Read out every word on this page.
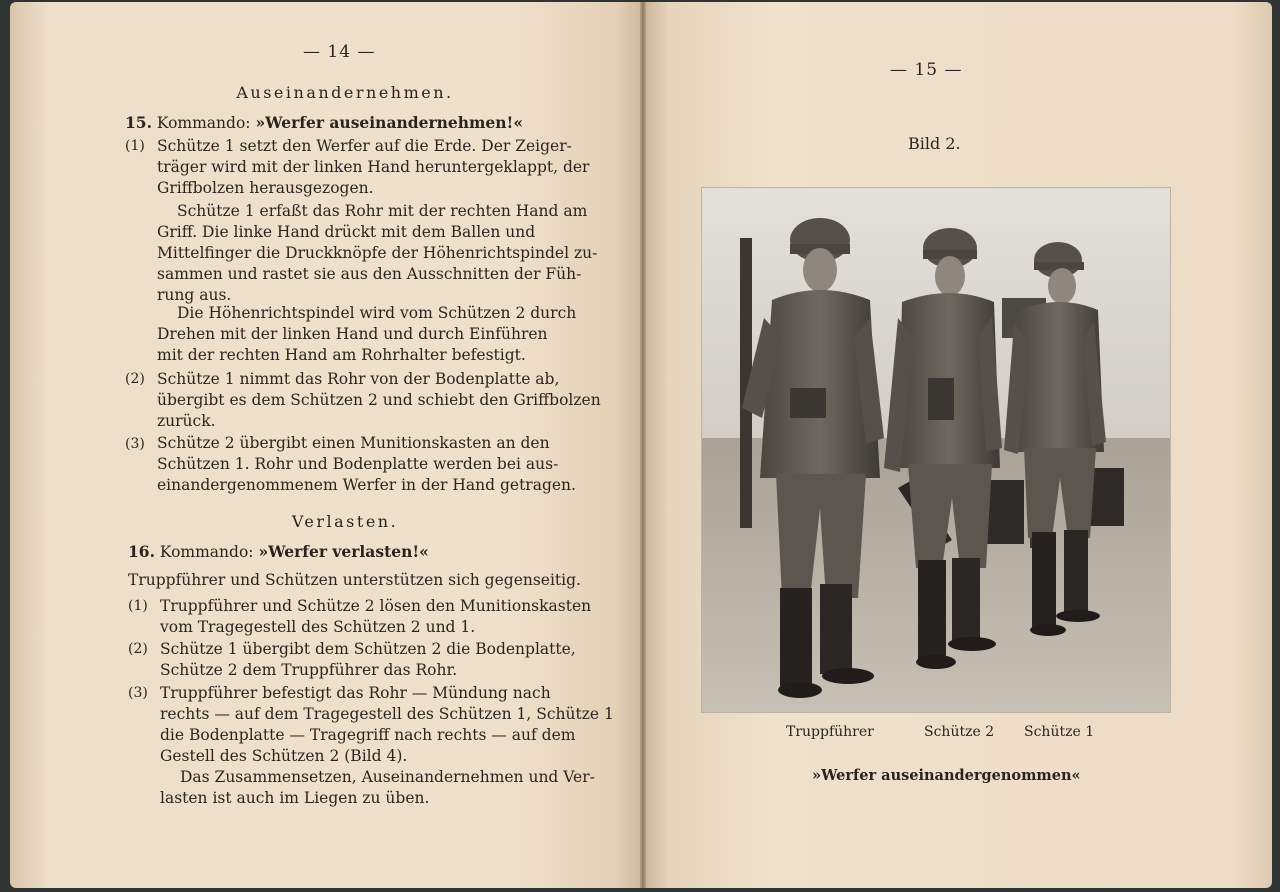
— 14 —
Auseinandernehmen.
15. Kommando: »Werfer auseinandernehmen!«
(1) Schütze 1 setzt den Werfer auf die Erde. Der Zeiger-
träger wird mit der linken Hand heruntergeklappt, der
Griffbolzen herausgezogen.
Schütze 1 erfaßt das Rohr mit der rechten Hand am
Griff. Die linke Hand drückt mit dem Ballen und
Mittelfinger die Druckknöpfe der Höhenrichtspindel zu-
sammen und rastet sie aus den Ausschnitten der Füh-
rung aus.
Die Höhenrichtspindel wird vom Schützen 2 durch
Drehen mit der linken Hand und durch Einführen
mit der rechten Hand am Rohrhalter befestigt.
(2) Schütze 1 nimmt das Rohr von der Bodenplatte ab,
übergibt es dem Schützen 2 und schiebt den Griffbolzen
zurück.
(3) Schütze 2 übergibt einen Munitionskasten an den
Schützen 1. Rohr und Bodenplatte werden bei aus-
einandergenommenem Werfer in der Hand getragen.
Verlasten.
16. Kommando: »Werfer verlasten!«
Truppführer und Schützen unterstützen sich gegenseitig.
(1) Truppführer und Schütze 2 lösen den Munitionskasten
vom Tragegestell des Schützen 2 und 1.
(2) Schütze 1 übergibt dem Schützen 2 die Bodenplatte,
Schütze 2 dem Truppführer das Rohr.
(3) Truppführer befestigt das Rohr — Mündung nach
rechts — auf dem Tragegestell des Schützen 1, Schütze 1
die Bodenplatte — Tragegriff nach rechts — auf dem
Gestell des Schützen 2 (Bild 4).
Das Zusammensetzen, Auseinandernehmen und Ver-
lasten ist auch im Liegen zu üben.
— 15 —
Bild 2.
Truppführer	Schütze 2 Schütze 1
»Werfer auseinandergenommen«
